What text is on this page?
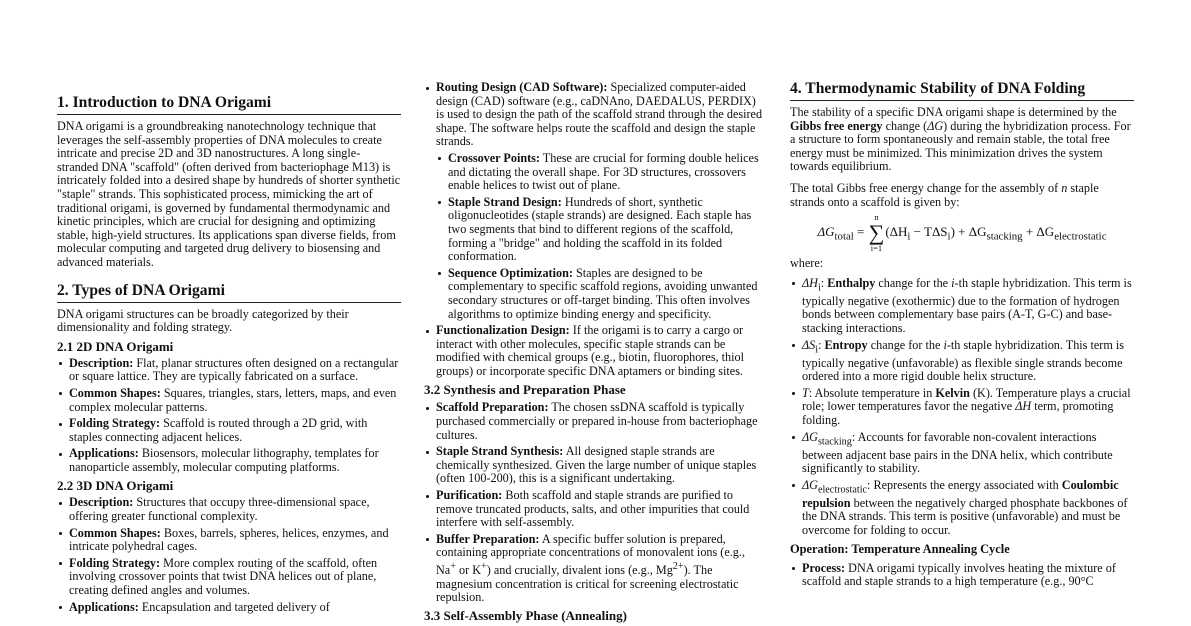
1. Introduction to DNA Origami

DNA origami is a groundbreaking nanotechnology technique that leverages the self-assembly properties of DNA molecules to create intricate and precise 2D and 3D nanostructures. A long single-stranded DNA "scaffold" (often derived from bacteriophage M13) is intricately folded into a desired shape by hundreds of shorter synthetic "staple" strands. This sophisticated process, mimicking the art of traditional origami, is governed by fundamental thermodynamic and kinetic principles, which are crucial for designing and optimizing stable, high-yield structures. Its applications span diverse fields, from molecular computing and targeted drug delivery to biosensing and advanced materials.

2. Types of DNA Origami

DNA origami structures can be broadly categorized by their dimensionality and folding strategy.

2.1 2D DNA Origami
Description: Flat, planar structures often designed on a rectangular or square lattice. They are typically fabricated on a surface.
Common Shapes: Squares, triangles, stars, letters, maps, and even complex molecular patterns.
Folding Strategy: Scaffold is routed through a 2D grid, with staples connecting adjacent helices.
Applications: Biosensors, molecular lithography, templates for nanoparticle assembly, molecular computing platforms.
2.2 3D DNA Origami
Description: Structures that occupy three-dimensional space, offering greater functional complexity.
Common Shapes: Boxes, barrels, spheres, helices, enzymes, and intricate polyhedral cages.
Folding Strategy: More complex routing of the scaffold, often involving crossover points that twist DNA helices out of plane, creating defined angles and volumes.
Applications: Encapsulation and targeted delivery of
Routing Design (CAD Software): Specialized computer-aided design (CAD) software (e.g., caDNAno, DAEDALUS, PERDIX) is used to design the path of the scaffold strand through the desired shape. The software helps route the scaffold and design the staple strands.
Crossover Points: These are crucial for forming double helices and dictating the overall shape. For 3D structures, crossovers enable helices to twist out of plane.
Staple Strand Design: Hundreds of short, synthetic oligonucleotides (staple strands) are designed. Each staple has two segments that bind to different regions of the scaffold, forming a "bridge" and holding the scaffold in its folded conformation.
Sequence Optimization: Staples are designed to be complementary to specific scaffold regions, avoiding unwanted secondary structures or off-target binding. This often involves algorithms to optimize binding energy and specificity.
Functionalization Design: If the origami is to carry a cargo or interact with other molecules, specific staple strands can be modified with chemical groups (e.g., biotin, fluorophores, thiol groups) or incorporate specific DNA aptamers or binding sites.
3.2 Synthesis and Preparation Phase
Scaffold Preparation: The chosen ssDNA scaffold is typically purchased commercially or prepared in-house from bacteriophage cultures.
Staple Strand Synthesis: All designed staple strands are chemically synthesized. Given the large number of unique staples (often 100-200), this is a significant undertaking.
Purification: Both scaffold and staple strands are purified to remove truncated products, salts, and other impurities that could interfere with self-assembly.
Buffer Preparation: A specific buffer solution is prepared, containing appropriate concentrations of monovalent ions (e.g., Na+ or K+) and crucially, divalent ions (e.g., $Mg^{2+}$). The magnesium concentration is critical for screening electrostatic repulsion.
3.3 Self-Assembly Phase (Annealing)
4. Thermodynamic Stability of DNA Folding

The stability of a specific DNA origami shape is determined by the Gibbs free energy change (ΔG) during the hybridization process. For a structure to form spontaneously and remain stable, the total free energy must be minimized. This minimization drives the system towards equilibrium.

The total Gibbs free energy change for the assembly of n staple strands onto a scaffold is given by:

$\Delta G_{total}$ =
n
∑
i=1
$(\Delta H_i - T\Delta S_i) + \Delta G_{stacking} + \Delta G_{electrostatic}$

where:

$\Delta H_i$: Enthalpy change for the i-th staple hybridization. This term is typically negative (exothermic) due to the formation of hydrogen bonds between complementary base pairs (A-T, G-C) and base-stacking interactions.
$\Delta S_i$: Entropy change for the i-th staple hybridization. This term is typically negative (unfavorable) as flexible single strands become ordered into a more rigid double helix structure.
T: Absolute temperature in Kelvin (K). Temperature plays a crucial role; lower temperatures favor the negative ΔH term, promoting folding.
$\Delta G_{stacking}$: Accounts for favorable non-covalent interactions between adjacent base pairs in the DNA helix, which contribute significantly to stability.
$\Delta G_{electrostatic}$: Represents the energy associated with Coulombic repulsion between the negatively charged phosphate backbones of the DNA strands. This term is positive (unfavorable) and must be overcome for folding to occur.
Operation: Temperature Annealing Cycle
Process: DNA origami typically involves heating the mixture of scaffold and staple strands to a high temperature (e.g., 90°C
